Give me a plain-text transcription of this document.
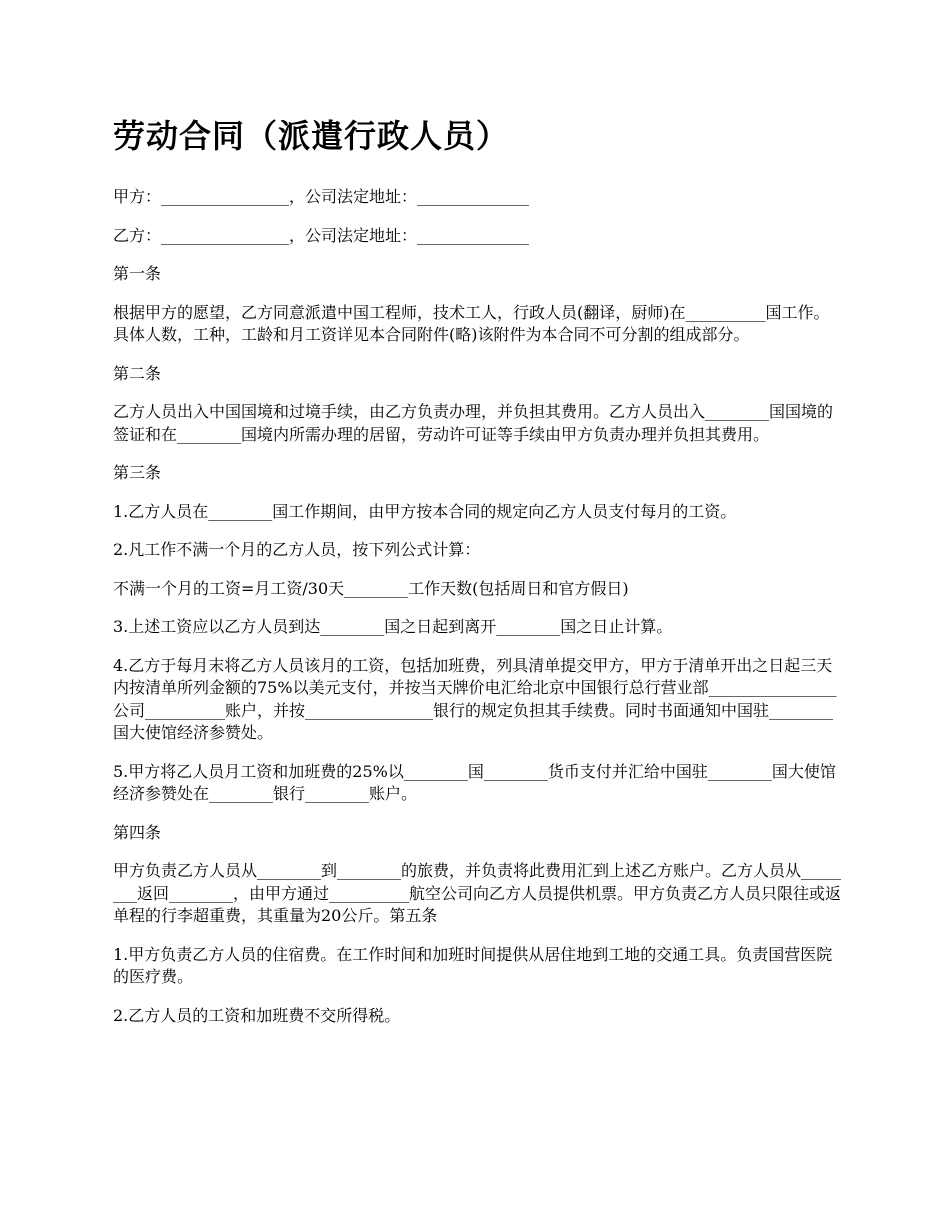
劳动合同（派遣行政人员）

甲方：________________，公司法定地址：______________

乙方：________________，公司法定地址：______________

第一条

根据甲方的愿望，乙方同意派遣中国工程师，技术工人，行政人员(翻译，厨师)在__________国工作。具体人数，工种，工龄和月工资详见本合同附件(略)该附件为本合同不可分割的组成部分。

第二条

乙方人员出入中国国境和过境手续，由乙方负责办理，并负担其费用。乙方人员出入________国国境的签证和在________国境内所需办理的居留，劳动许可证等手续由甲方负责办理并负担其费用。

第三条

1.乙方人员在________国工作期间，由甲方按本合同的规定向乙方人员支付每月的工资。

2.凡工作不满一个月的乙方人员，按下列公式计算：

不满一个月的工资=月工资/30天________工作天数(包括周日和官方假日)

3.上述工资应以乙方人员到达________国之日起到离开________国之日止计算。

4.乙方于每月末将乙方人员该月的工资，包括加班费，列具清单提交甲方，甲方于清单开出之日起三天内按清单所列金额的75%以美元支付，并按当天牌价电汇给北京中国银行总行营业部________________公司__________账户，并按________________银行的规定负担其手续费。同时书面通知中国驻________国大使馆经济参赞处。

5.甲方将乙人员月工资和加班费的25%以________国________货币支付并汇给中国驻________国大使馆经济参赞处在________银行________账户。

第四条

甲方负责乙方人员从________到________的旅费，并负责将此费用汇到上述乙方账户。乙方人员从________返回________，由甲方通过__________航空公司向乙方人员提供机票。甲方负责乙方人员只限往或返单程的行李超重费，其重量为20公斤。第五条

1.甲方负责乙方人员的住宿费。在工作时间和加班时间提供从居住地到工地的交通工具。负责国营医院的医疗费。

2.乙方人员的工资和加班费不交所得税。
